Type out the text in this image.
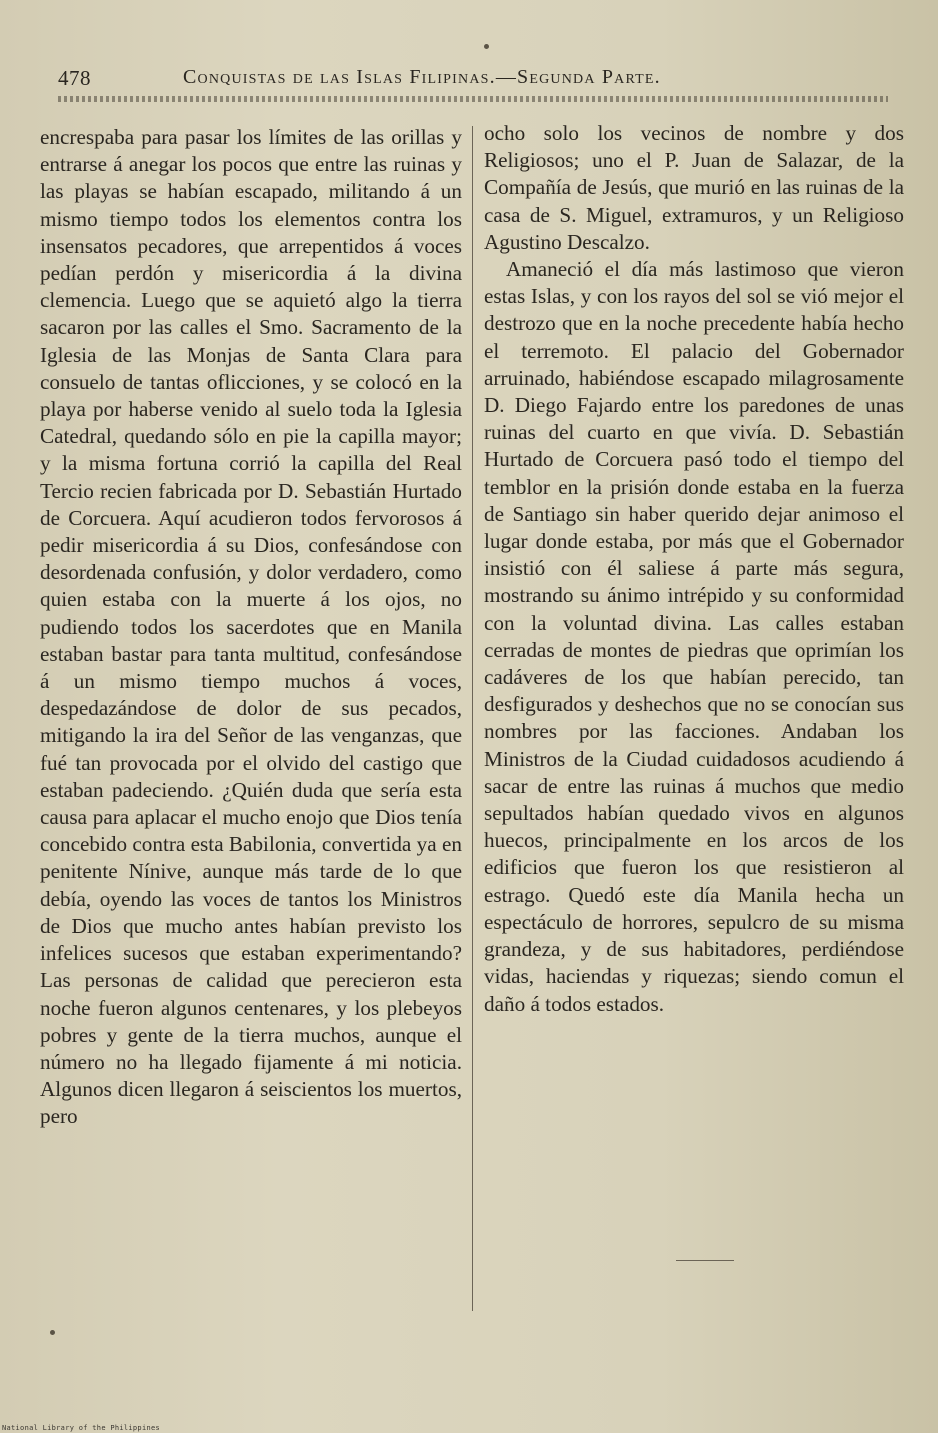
478	Conquistas de las Islas Filipinas.—Segunda Parte.

encrespaba para pasar los límites de las orillas y entrarse á anegar los pocos que entre las ruinas y las playas se habían escapado, militando á un mismo tiempo todos los elementos contra los insensatos pecadores, que arrepentidos á voces pedían perdón y misericordia á la divina clemencia. Luego que se aquietó algo la tierra sacaron por las calles el Smo. Sacramento de la Iglesia de las Monjas de Santa Clara para consuelo de tantas oflicciones, y se colocó en la playa por haberse venido al suelo toda la Iglesia Catedral, quedando sólo en pie la capilla mayor; y la misma fortuna corrió la capilla del Real Tercio recien fabricada por D. Sebastián Hurtado de Corcuera. Aquí acudieron todos fervorosos á pedir misericordia á su Dios, confesándose con desordenada confusión, y dolor verdadero, como quien estaba con la muerte á los ojos, no pudiendo todos los sacerdotes que en Manila estaban bastar para tanta multitud, confesándose á un mismo tiempo muchos á voces, despedazándose de dolor de sus pecados, mitigando la ira del Señor de las venganzas, que fué tan provocada por el olvido del castigo que estaban padeciendo. ¿Quién duda que sería esta causa para aplacar el mucho enojo que Dios tenía concebido contra esta Babilonia, convertida ya en penitente Nínive, aunque más tarde de lo que debía, oyendo las voces de tantos los Ministros de Dios que mucho antes habían previsto los infelices sucesos que estaban experimentando? Las personas de calidad que perecieron esta noche fueron algunos centenares, y los plebeyos pobres y gente de la tierra muchos, aunque el número no ha llegado fijamente á mi noticia. Algunos dicen llegaron á seiscientos los muertos, pero

ocho solo los vecinos de nombre y dos Religiosos; uno el P. Juan de Salazar, de la Compañía de Jesús, que murió en las ruinas de la casa de S. Miguel, extramuros, y un Religioso Agustino Descalzo.

Amaneció el día más lastimoso que vieron estas Islas, y con los rayos del sol se vió mejor el destrozo que en la noche precedente había hecho el terremoto. El palacio del Gobernador arruinado, habiéndose escapado milagrosamente D. Diego Fajardo entre los paredones de unas ruinas del cuarto en que vivía. D. Sebastián Hurtado de Corcuera pasó todo el tiempo del temblor en la prisión donde estaba en la fuerza de Santiago sin haber querido dejar animoso el lugar donde estaba, por más que el Gobernador insistió con él saliese á parte más segura, mostrando su ánimo intrépido y su conformidad con la voluntad divina. Las calles estaban cerradas de montes de piedras que oprimían los cadáveres de los que habían perecido, tan desfigurados y deshechos que no se conocían sus nombres por las facciones. Andaban los Ministros de la Ciudad cuidadosos acudiendo á sacar de entre las ruinas á muchos que medio sepultados habían quedado vivos en algunos huecos, principalmente en los arcos de los edificios que fueron los que resistieron al estrago. Quedó este día Manila hecha un espectáculo de horrores, sepulcro de su misma grandeza, y de sus habitadores, perdiéndose vidas, haciendas y riquezas; siendo comun el daño á todos estados.

National Library of the Philippines
